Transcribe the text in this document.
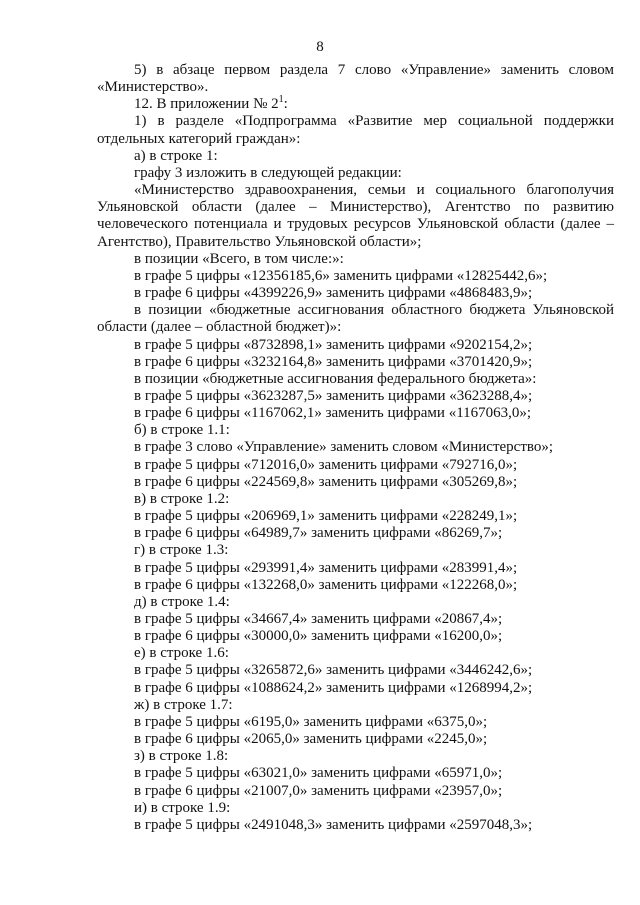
8

5) в абзаце первом раздела 7 слово «Управление» заменить словом «Министерство».

12. В приложении № $2^1$:

1) в разделе «Подпрограмма «Развитие мер социальной поддержки отдельных категорий граждан»:

а) в строке 1:

графу 3 изложить в следующей редакции:

«Министерство здравоохранения, семьи и социального благополучия Ульяновской области (далее – Министерство), Агентство по развитию человеческого потенциала и трудовых ресурсов Ульяновской области (далее – Агентство), Правительство Ульяновской области»;

в позиции «Всего, в том числе:»:

в графе 5 цифры «12356185,6» заменить цифрами «12825442,6»;

в графе 6 цифры «4399226,9» заменить цифрами «4868483,9»;

в позиции «бюджетные ассигнования областного бюджета Ульяновской области (далее – областной бюджет)»:

в графе 5 цифры «8732898,1» заменить цифрами «9202154,2»;

в графе 6 цифры «3232164,8» заменить цифрами «3701420,9»;

в позиции «бюджетные ассигнования федерального бюджета»:

в графе 5 цифры «3623287,5» заменить цифрами «3623288,4»;

в графе 6 цифры «1167062,1» заменить цифрами «1167063,0»;

б) в строке 1.1:

в графе 3 слово «Управление» заменить словом «Министерство»;

в графе 5 цифры «712016,0» заменить цифрами «792716,0»;

в графе 6 цифры «224569,8» заменить цифрами «305269,8»;

в) в строке 1.2:

в графе 5 цифры «206969,1» заменить цифрами «228249,1»;

в графе 6 цифры «64989,7» заменить цифрами «86269,7»;

г) в строке 1.3:

в графе 5 цифры «293991,4» заменить цифрами «283991,4»;

в графе 6 цифры «132268,0» заменить цифрами «122268,0»;

д) в строке 1.4:

в графе 5 цифры «34667,4» заменить цифрами «20867,4»;

в графе 6 цифры «30000,0» заменить цифрами «16200,0»;

е) в строке 1.6:

в графе 5 цифры «3265872,6» заменить цифрами «3446242,6»;

в графе 6 цифры «1088624,2» заменить цифрами «1268994,2»;

ж) в строке 1.7:

в графе 5 цифры «6195,0» заменить цифрами «6375,0»;

в графе 6 цифры «2065,0» заменить цифрами «2245,0»;

з) в строке 1.8:

в графе 5 цифры «63021,0» заменить цифрами «65971,0»;

в графе 6 цифры «21007,0» заменить цифрами «23957,0»;

и) в строке 1.9:

в графе 5 цифры «2491048,3» заменить цифрами «2597048,3»;
